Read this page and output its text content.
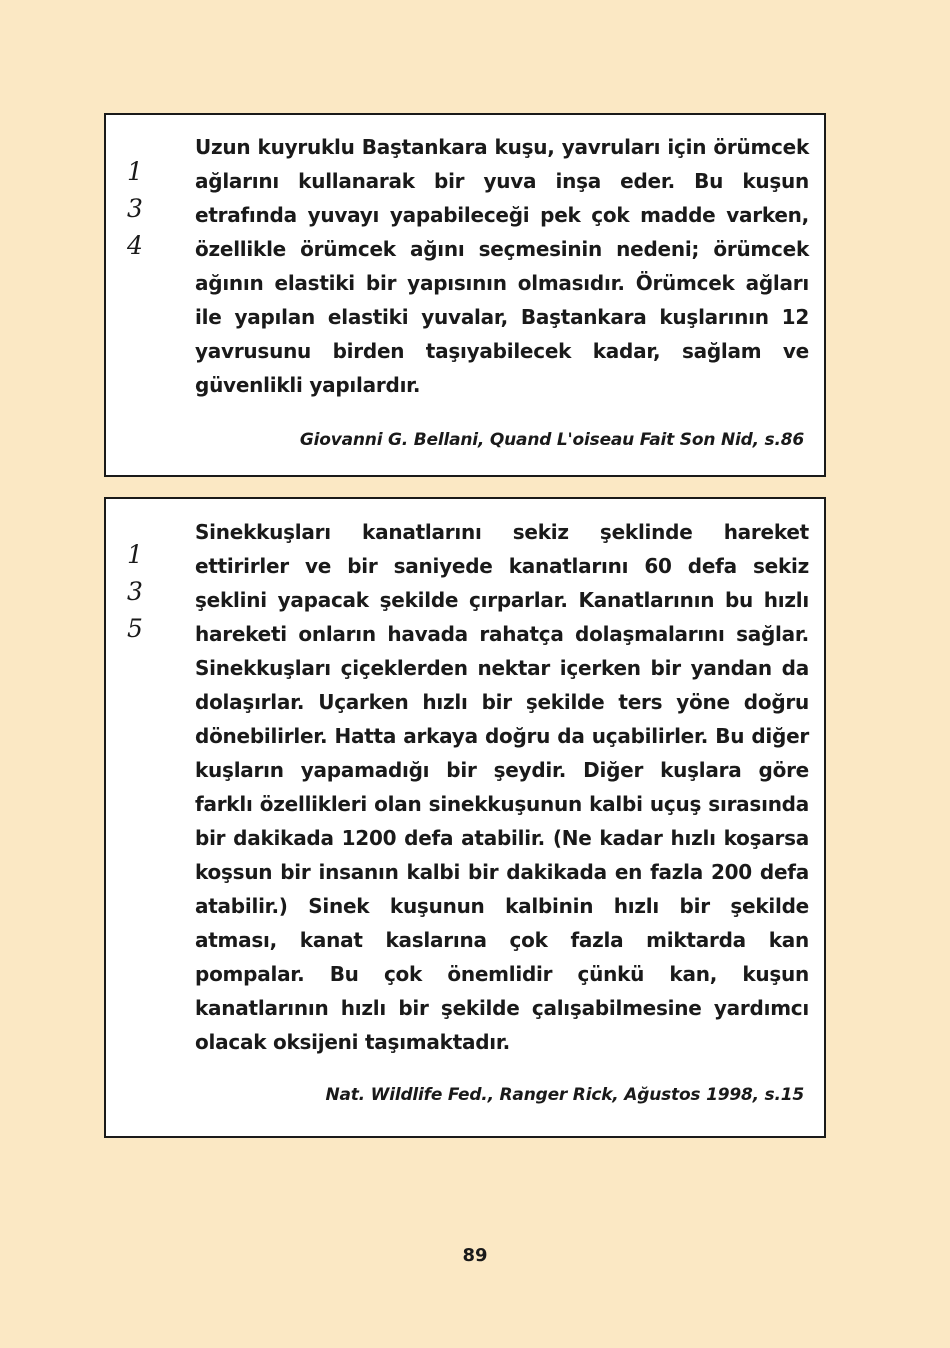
1
3
4

Uzun kuyruklu Baştankara kuşu, yavruları için örümcek ağlarını kullanarak bir yuva inşa eder. Bu kuşun etrafında yuvayı yapabileceği pek çok madde varken, özellikle örümcek ağını seçmesinin nedeni; örümcek ağının elastiki bir yapısının olmasıdır. Örümcek ağları ile yapılan elastiki yuvalar, Baştankara kuşlarının 12 yavrusunu birden taşıyabilecek kadar, sağlam ve güvenlikli yapılardır.

Giovanni G. Bellani, Quand L'oiseau Fait Son Nid, s.86

1
3
5

Sinekkuşları kanatlarını sekiz şeklinde hareket ettirirler ve bir saniyede kanatlarını 60 defa sekiz şeklini yapacak şekilde çırparlar. Kanatlarının bu hızlı hareketi onların havada rahatça dolaşmalarını sağlar. Sinekkuşları çiçeklerden nektar içerken bir yandan da dolaşırlar. Uçarken hızlı bir şekilde ters yöne doğru dönebilirler. Hatta arkaya doğru da uçabilirler. Bu diğer kuşların yapamadığı bir şeydir. Diğer kuşlara göre farklı özellikleri olan sinekkuşunun kalbi uçuş sırasında bir dakikada 1200 defa atabilir. (Ne kadar hızlı koşarsa koşsun bir insanın kalbi bir dakikada en fazla 200 defa atabilir.) Sinek kuşunun kalbinin hızlı bir şekilde atması, kanat kaslarına çok fazla miktarda kan pompalar. Bu çok önemlidir çünkü kan, kuşun kanatlarının hızlı bir şekilde çalışabilmesine yardımcı olacak oksijeni taşımaktadır.

Nat. Wildlife Fed., Ranger Rick, Ağustos 1998, s.15

89
